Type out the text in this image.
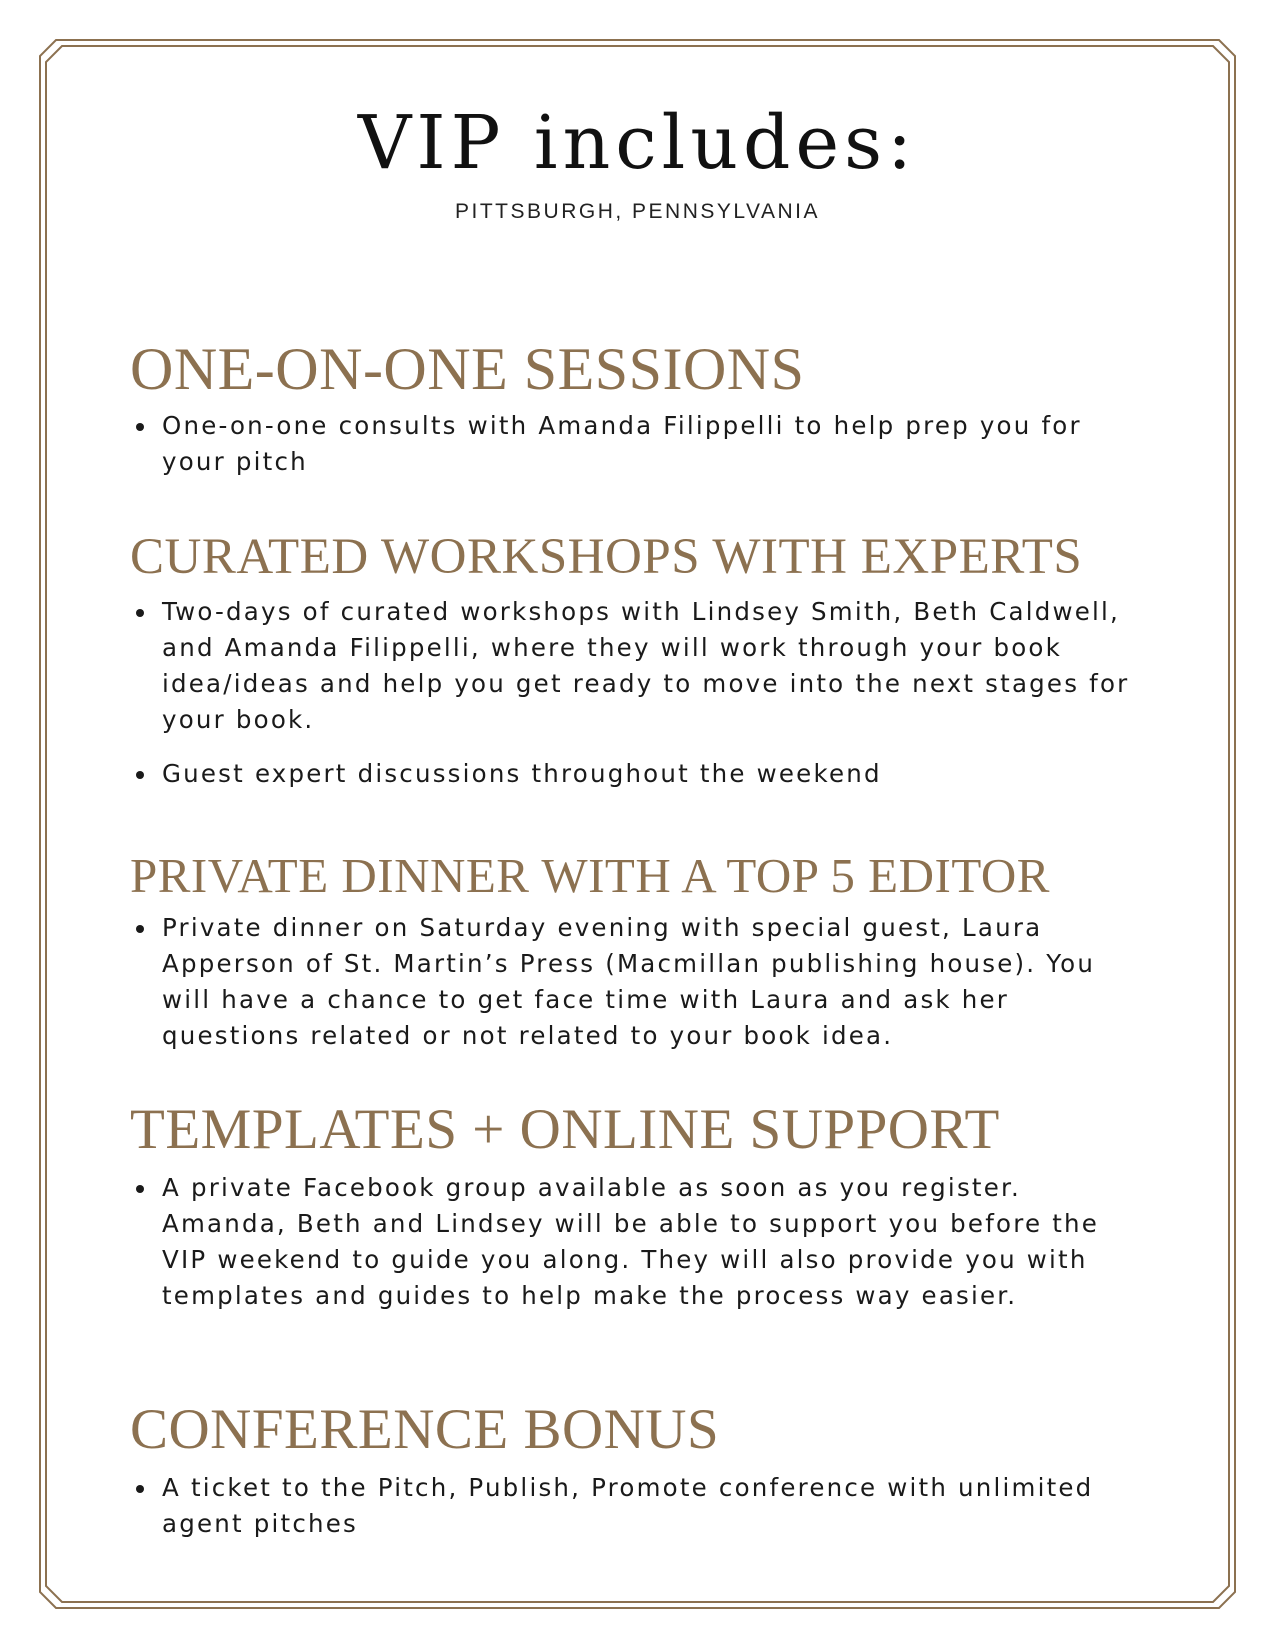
VIP includes:
PITTSBURGH, PENNSYLVANIA
ONE-ON-ONE SESSIONS
One-on-one consults with Amanda Filippelli to help prep you for your pitch
CURATED WORKSHOPS WITH EXPERTS
Two-days of curated workshops with Lindsey Smith, Beth Caldwell, and Amanda Filippelli, where they will work through your book idea/ideas and help you get ready to move into the next stages for your book.
Guest expert discussions throughout the weekend
PRIVATE DINNER WITH A TOP 5 EDITOR
Private dinner on Saturday evening with special guest, Laura Apperson of St. Martin’s Press (Macmillan publishing house). You will have a chance to get face time with Laura and ask her questions related or not related to your book idea.
TEMPLATES + ONLINE SUPPORT
A private Facebook group available as soon as you register. Amanda, Beth and Lindsey will be able to support you before the VIP weekend to guide you along. They will also provide you with templates and guides to help make the process way easier.
CONFERENCE BONUS
A ticket to the Pitch, Publish, Promote conference with unlimited agent pitches
